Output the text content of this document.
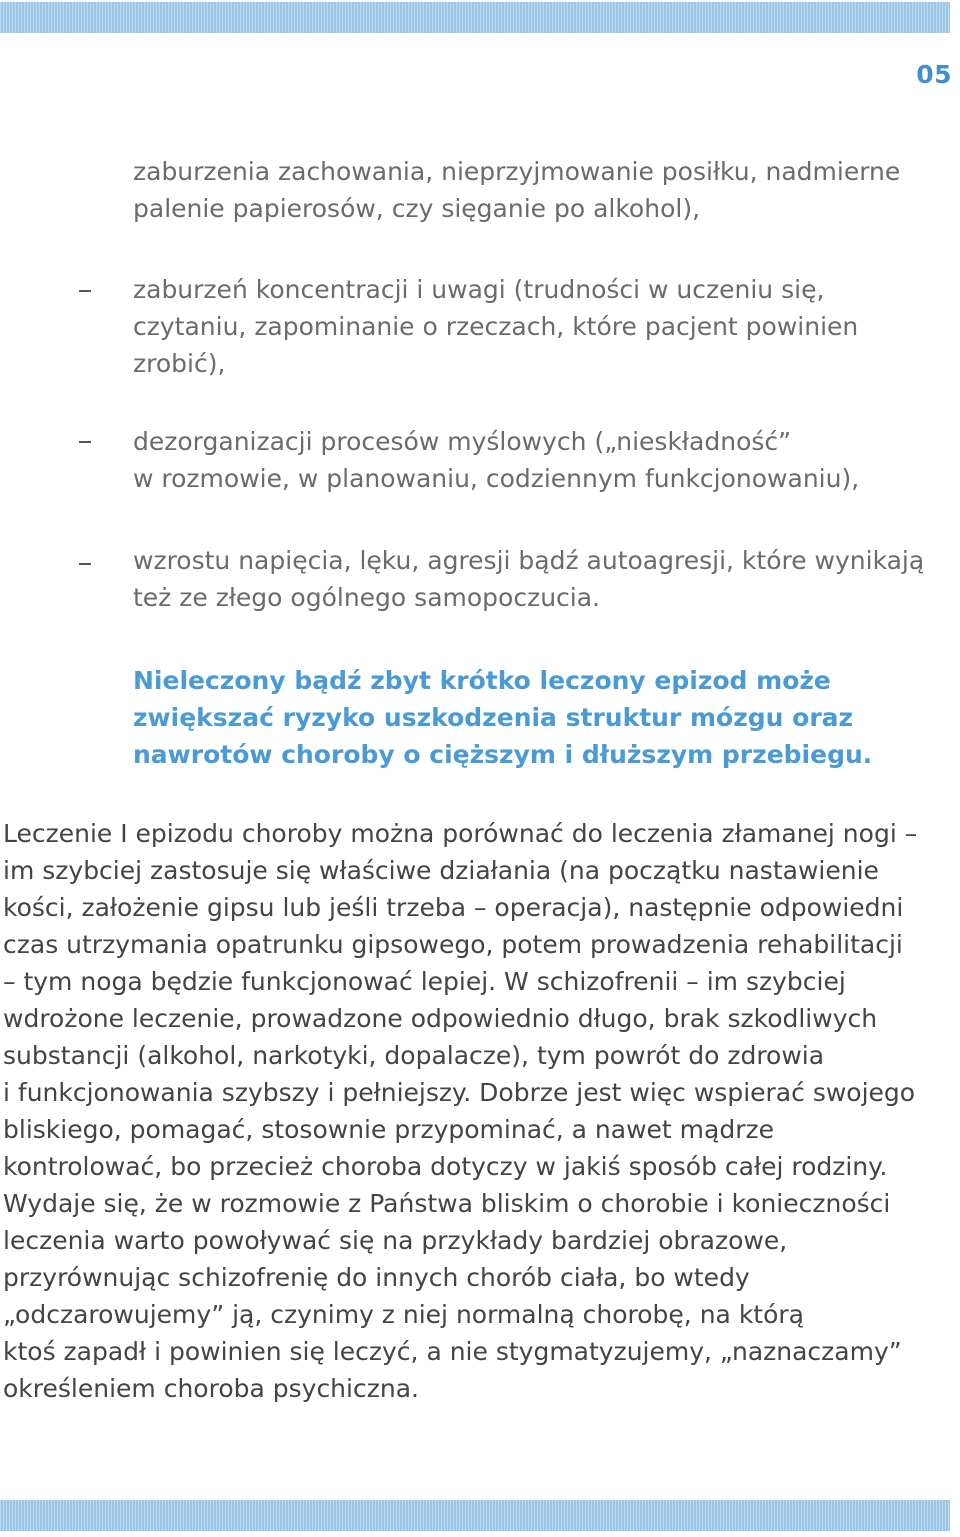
05
zaburzenia zachowania, nieprzyjmowanie posiłku, nadmierne
palenie papierosów, czy sięganie po alkohol),
zaburzeń koncentracji i uwagi (trudności w uczeniu się,
czytaniu, zapominanie o rzeczach, które pacjent powinien
zrobić),
dezorganizacji procesów myślowych („nieskładność”
w rozmowie, w planowaniu, codziennym funkcjonowaniu),
wzrostu napięcia, lęku, agresji bądź autoagresji, które wynikają
też ze złego ogólnego samopoczucia.
Nieleczony bądź zbyt krótko leczony epizod może
zwiększać ryzyko uszkodzenia struktur mózgu oraz
nawrotów choroby o cięższym i dłuższym przebiegu.
Leczenie I epizodu choroby można porównać do leczenia złamanej nogi –
im szybciej zastosuje się właściwe działania (na początku nastawienie
kości, założenie gipsu lub jeśli trzeba – operacja), następnie odpowiedni
czas utrzymania opatrunku gipsowego, potem prowadzenia rehabilitacji
– tym noga będzie funkcjonować lepiej. W schizofrenii – im szybciej
wdrożone leczenie, prowadzone odpowiednio długo, brak szkodliwych
substancji (alkohol, narkotyki, dopalacze), tym powrót do zdrowia
i funkcjonowania szybszy i pełniejszy. Dobrze jest więc wspierać swojego
bliskiego, pomagać, stosownie przypominać, a nawet mądrze
kontrolować, bo przecież choroba dotyczy w jakiś sposób całej rodziny.
Wydaje się, że w rozmowie z Państwa bliskim o chorobie i konieczności
leczenia warto powoływać się na przykłady bardziej obrazowe,
przyrównując schizofrenię do innych chorób ciała, bo wtedy
„odczarowujemy” ją, czynimy z niej normalną chorobę, na którą
ktoś zapadł i powinien się leczyć, a nie stygmatyzujemy, „naznaczamy”
określeniem choroba psychiczna.
